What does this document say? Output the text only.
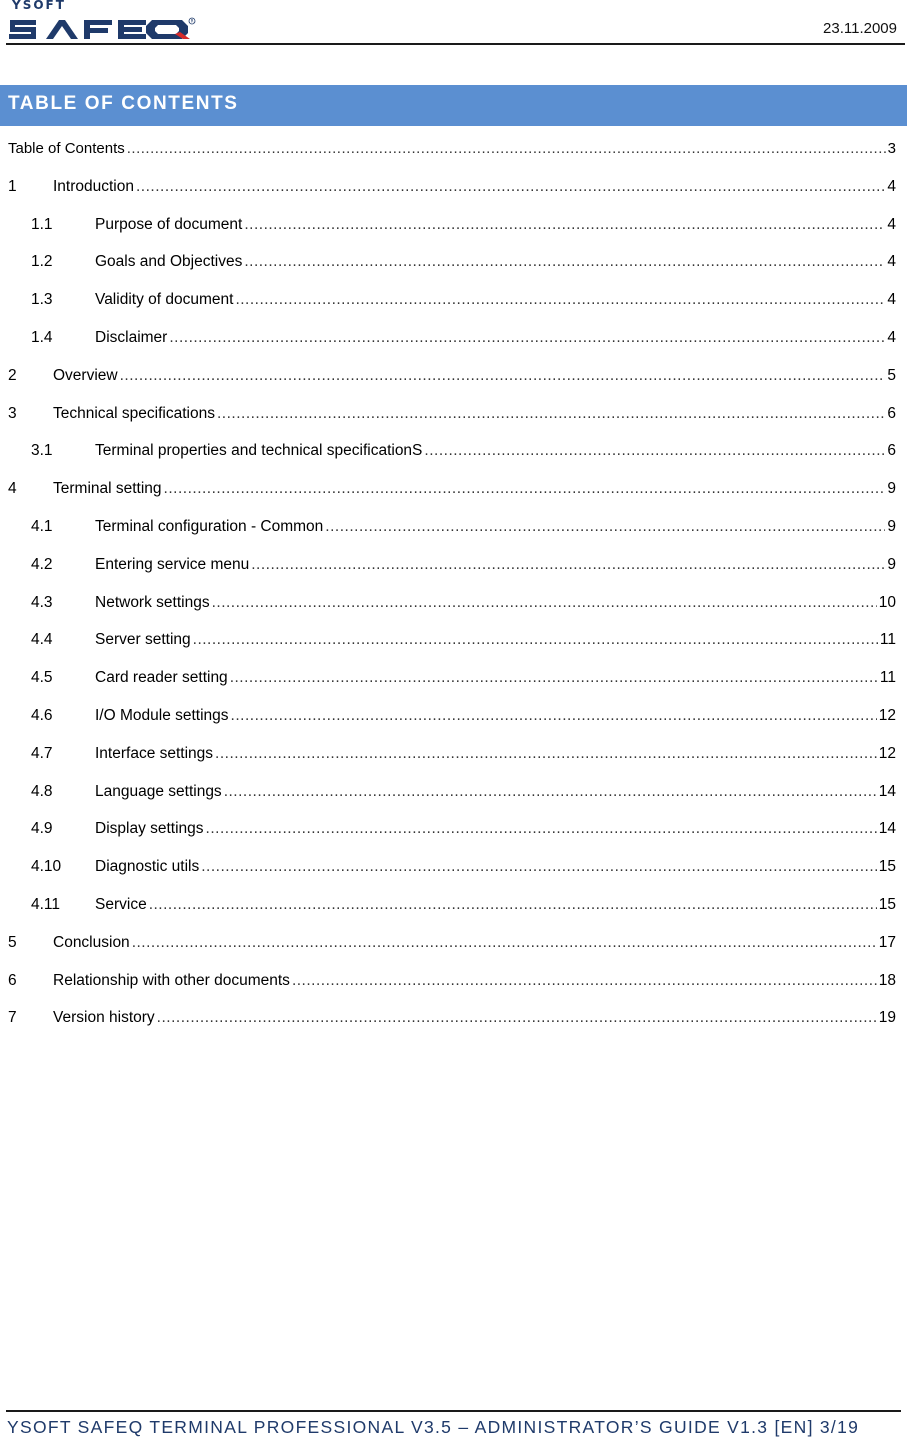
YSOFT
R	23.11.2009
TABLE OF CONTENTS
Table of Contents .....	3
1 Introduction .....	4
1.1	Purpose of document .....	4
1.2	Goals and Objectives .....	4
1.3	Validity of document .....	4
1.4	Disclaimer .....	4
2 Overview .....	5
3 Technical specifications .....	6
3.1	Terminal properties and technical specificationS .....	6
4 Terminal setting .....	9
4.1	Terminal configuration - Common .....	9
4.2	Entering service menu .....	9
4.3	Network settings .....	10
4.4	Server setting .....	11
4.5	Card reader setting .....	11
4.6	I/O Module settings .....	12
4.7	Interface settings .....	12
4.8	Language settings .....	14
4.9	Display settings .....	14
4.10 Diagnostic utils .....	15
4.11 Service .....	15
5 Conclusion .....	17
6 Relationship with other documents .....	18
7 Version history .....	19
YSOFT SAFEQ TERMINAL PROFESSIONAL V3.5 – ADMINISTRATOR’S GUIDE V1.3 [EN] 3/19
